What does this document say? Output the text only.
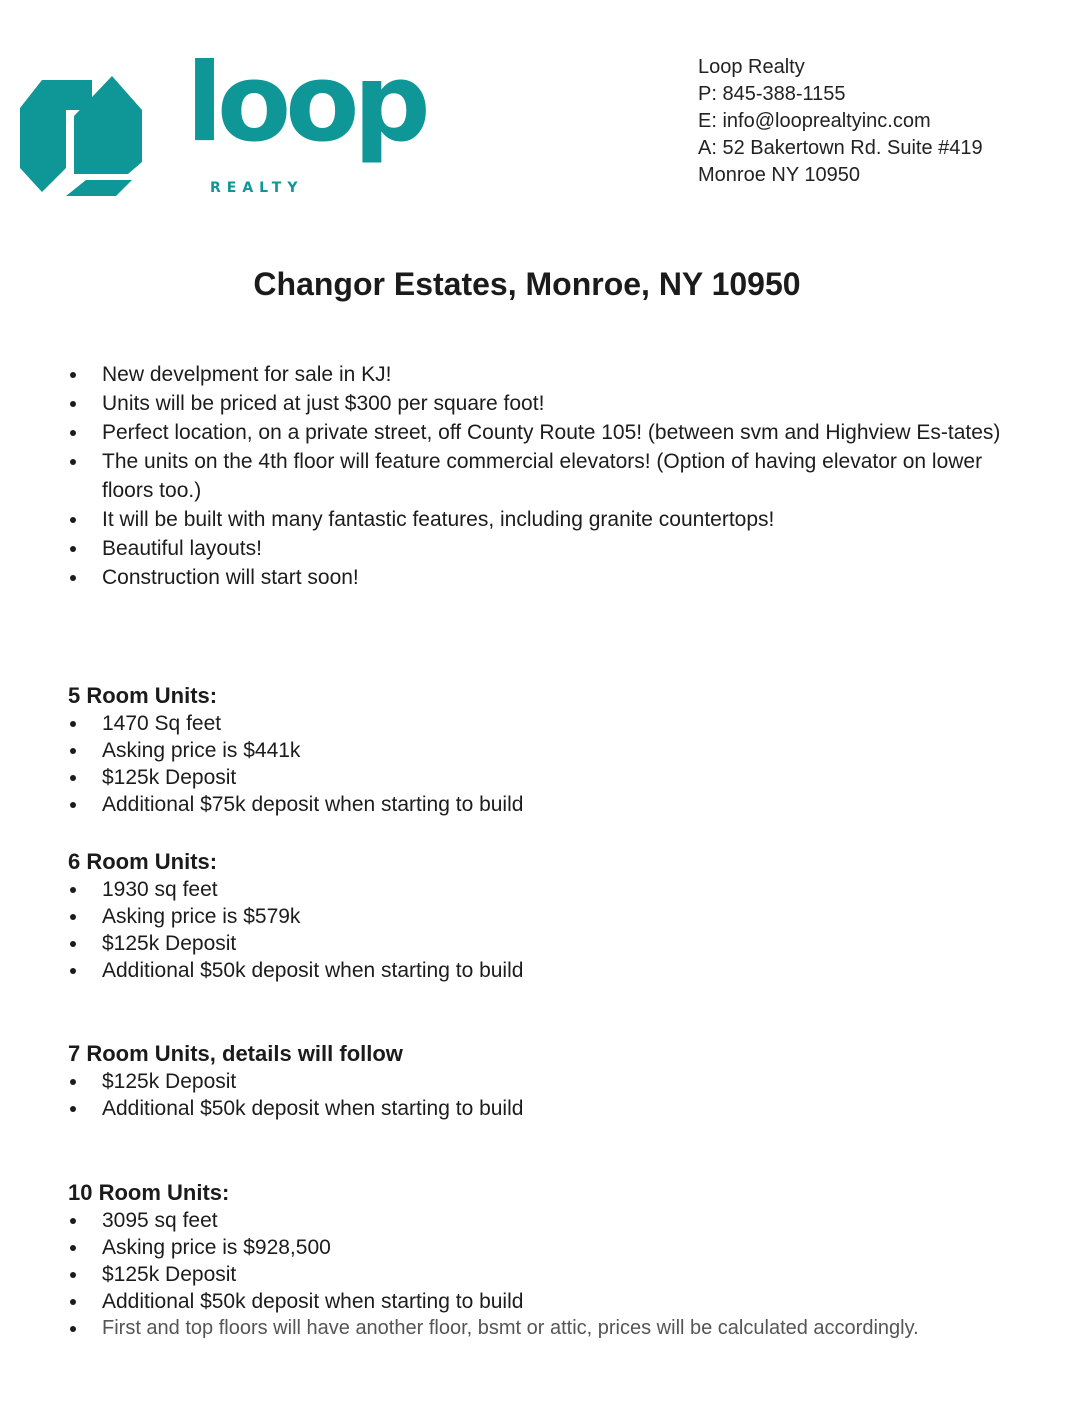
loop
REALTY
Loop Realty
P: 845-388-1155
E: info@looprealtyinc.com
A: 52 Bakertown Rd. Suite #419
Monroe NY 10950
Changor Estates, Monroe, NY 10950
New develpment for sale in KJ!
Units will be priced at just $300 per square foot!
Perfect location, on a private street, off County Route 105! (between svm and Highview Es-tates)
The units on the 4th floor will feature commercial elevators! (Option of having elevator on lower floors too.)
It will be built with many fantastic features, including granite countertops!
Beautiful layouts!
Construction will start soon!
5 Room Units:
1470 Sq feet
Asking price is $441k
$125k Deposit
Additional $75k deposit when starting to build
6 Room Units:
1930 sq feet
Asking price is $579k
$125k Deposit
Additional $50k deposit when starting to build
7 Room Units, details will follow
$125k Deposit
Additional $50k deposit when starting to build
10 Room Units:
3095 sq feet
Asking price is $928,500
$125k Deposit
Additional $50k deposit when starting to build
First and top floors will have another floor, bsmt or attic, prices will be calculated accordingly.
